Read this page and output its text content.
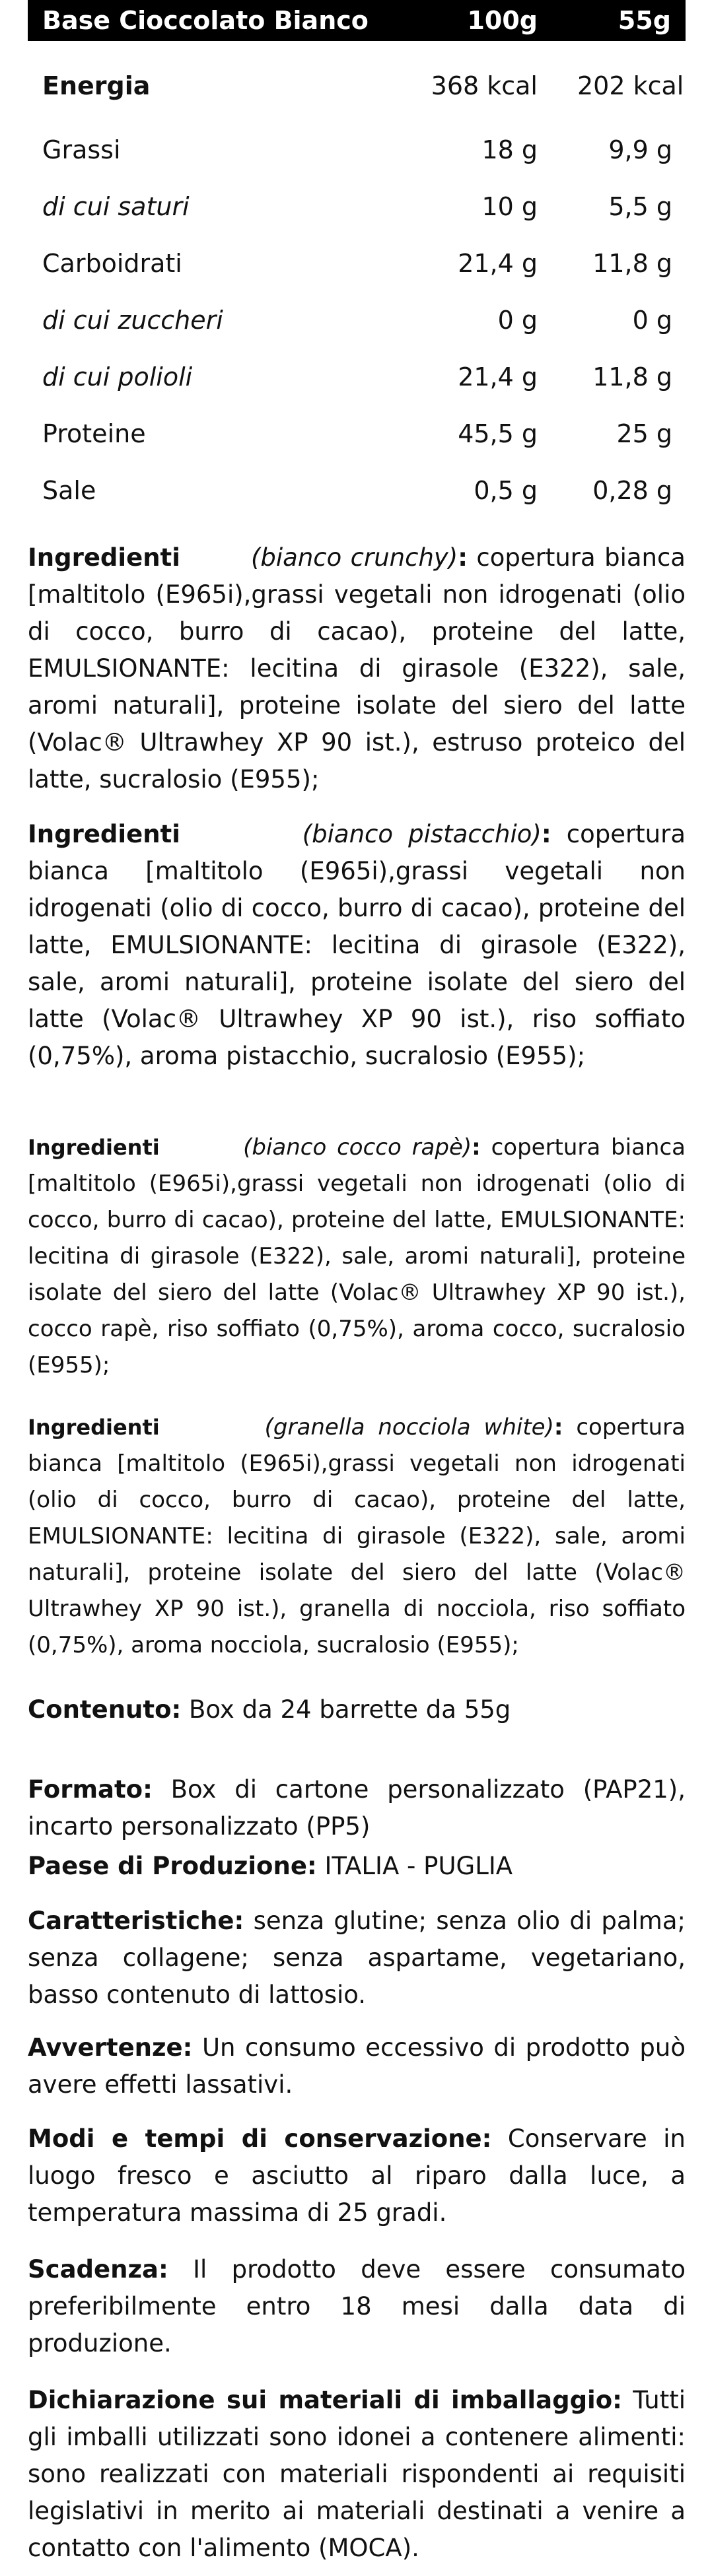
Base Cioccolato Bianco	100g	55g
Energia	368 kcal	202 kcal
Grassi	18 g	9,9 g
di cui saturi	10 g	5,5 g
Carboidrati	21,4 g	11,8 g
di cui zuccheri	0 g	0 g
di cui polioli	21,4 g	11,8 g
Proteine	45,5 g	25 g
Sale	0,5 g	0,28 g

Ingredienti	(bianco crunchy): copertura bianca [maltitolo (E965i),grassi vegetali non idrogenati (olio di cocco, burro di cacao), proteine del latte, EMULSIONANTE: lecitina di girasole (E322), sale, aromi naturali], proteine isolate del siero del latte (Volac® Ultrawhey XP 90 ist.), estruso proteico del latte, sucralosio (E955);

Ingredienti	(bianco pistacchio): copertura bianca [maltitolo (E965i),grassi vegetali non idrogenati (olio di cocco, burro di cacao), proteine del latte, EMULSIONANTE: lecitina di girasole (E322), sale, aromi naturali], proteine isolate del siero del latte (Volac® Ultrawhey XP 90 ist.), riso soffiato (0,75%), aroma pistacchio, sucralosio (E955);

Ingredienti	(bianco cocco rapè): copertura bianca [maltitolo (E965i),grassi vegetali non idrogenati (olio di cocco, burro di cacao), proteine del latte, EMULSIONANTE: lecitina di girasole (E322), sale, aromi naturali], proteine isolate del siero del latte (Volac® Ultrawhey XP 90 ist.), cocco rapè, riso soffiato (0,75%), aroma cocco, sucralosio (E955);

Ingredienti	(granella nocciola white): copertura bianca [maltitolo (E965i),grassi vegetali non idrogenati (olio di cocco, burro di cacao), proteine del latte, EMULSIONANTE: lecitina di girasole (E322), sale, aromi naturali], proteine isolate del siero del latte (Volac® Ultrawhey XP 90 ist.), granella di nocciola, riso soffiato (0,75%), aroma nocciola, sucralosio (E955);

Contenuto: Box da 24 barrette da 55g

Formato: Box di cartone personalizzato (PAP21), incarto personalizzato (PP5)

Paese di Produzione: ITALIA - PUGLIA

Caratteristiche: senza glutine; senza olio di palma; senza collagene; senza aspartame, vegetariano, basso contenuto di lattosio.

Avvertenze: Un consumo eccessivo di prodotto può avere effetti lassativi.

Modi e tempi di conservazione: Conservare in luogo fresco e asciutto al riparo dalla luce, a temperatura massima di 25 gradi.

Scadenza: Il prodotto deve essere consumato preferibilmente entro 18 mesi dalla data di produzione.

Dichiarazione sui materiali di imballaggio: Tutti gli imballi utilizzati sono idonei a contenere alimenti: sono realizzati con materiali rispondenti ai requisiti legislativi in merito ai materiali destinati a venire a contatto con l'alimento (MOCA).
